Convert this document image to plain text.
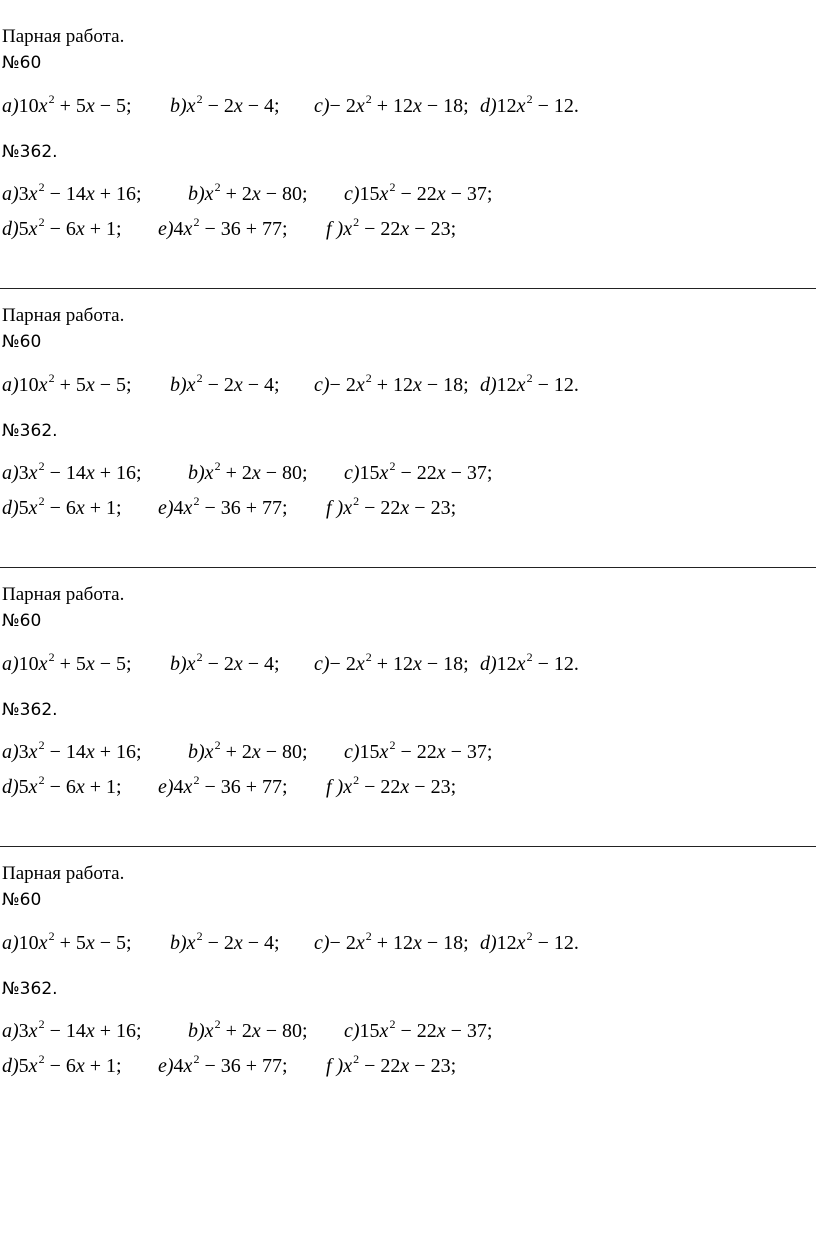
Парная работа.
№60
$a)10x^2 + 5x - 5$; $b)x^2 - 2x - 4$; $c)- 2x^2 + 12x - 18$; $d)12x^2 - 12$.
№362.
$a)3x^2 - 14x + 16$; $b)x^2 + 2x - 80$; $c)15x^2 - 22x - 37$;
$d)5x^2 - 6x + 1$; $e)4x^2 - 36 + 77$; f )$x^2 - 22x - 23$;
Парная работа.
№60
$a)10x^2 + 5x - 5$; $b)x^2 - 2x - 4$; $c)- 2x^2 + 12x - 18$; $d)12x^2 - 12$.
№362.
$a)3x^2 - 14x + 16$; $b)x^2 + 2x - 80$; $c)15x^2 - 22x - 37$;
$d)5x^2 - 6x + 1$; $e)4x^2 - 36 + 77$; f )$x^2 - 22x - 23$;
Парная работа.
№60
$a)10x^2 + 5x - 5$; $b)x^2 - 2x - 4$; $c)- 2x^2 + 12x - 18$; $d)12x^2 - 12$.
№362.
$a)3x^2 - 14x + 16$; $b)x^2 + 2x - 80$; $c)15x^2 - 22x - 37$;
$d)5x^2 - 6x + 1$; $e)4x^2 - 36 + 77$; f )$x^2 - 22x - 23$;
Парная работа.
№60
$a)10x^2 + 5x - 5$; $b)x^2 - 2x - 4$; $c)- 2x^2 + 12x - 18$; $d)12x^2 - 12$.
№362.
$a)3x^2 - 14x + 16$; $b)x^2 + 2x - 80$; $c)15x^2 - 22x - 37$;
$d)5x^2 - 6x + 1$; $e)4x^2 - 36 + 77$; f )$x^2 - 22x - 23$;
